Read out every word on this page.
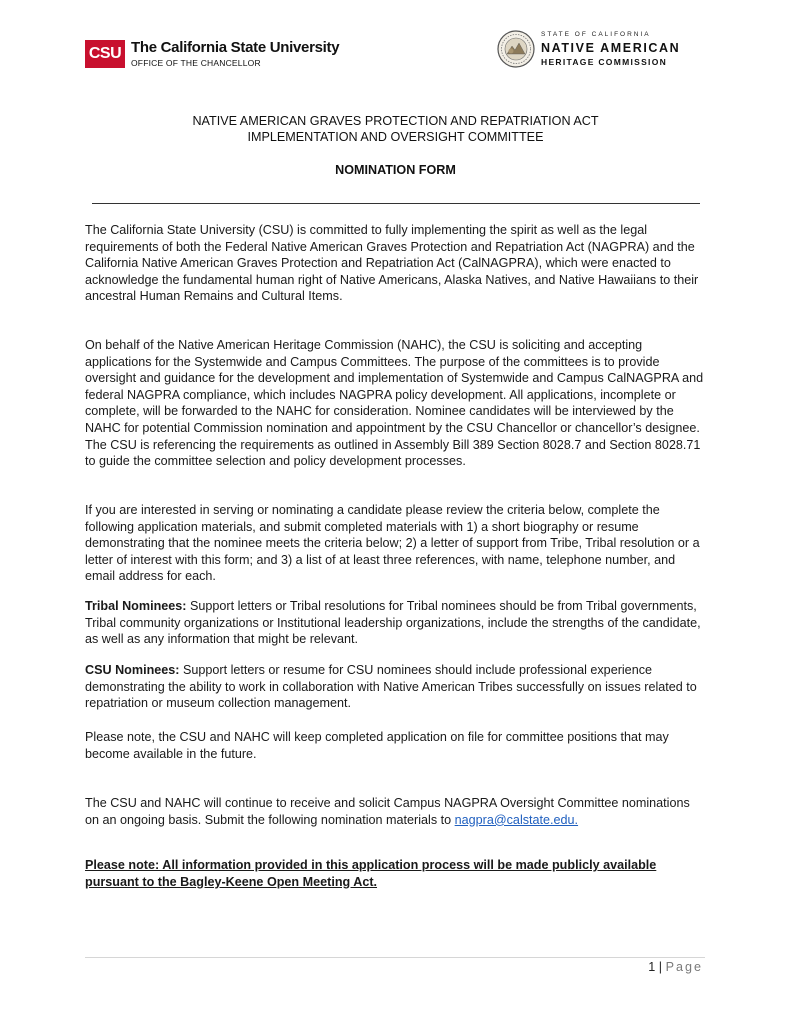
CSU The California State University
OFFICE OF THE CHANCELLOR
STATE OF CALIFORNIA
NATIVE AMERICAN
HERITAGE COMMISSION
NATIVE AMERICAN GRAVES PROTECTION AND REPATRIATION ACT
IMPLEMENTATION AND OVERSIGHT COMMITTEE
NOMINATION FORM

The California State University (CSU) is committed to fully implementing the spirit as well as the legal requirements of both the Federal Native American Graves Protection and Repatriation Act (NAGPRA) and the California Native American Graves Protection and Repatriation Act (CalNAGPRA), which were enacted to acknowledge the fundamental human right of Native Americans, Alaska Natives, and Native Hawaiians to their ancestral Human Remains and Cultural Items.

On behalf of the Native American Heritage Commission (NAHC), the CSU is soliciting and accepting applications for the Systemwide and Campus Committees. The purpose of the committees is to provide oversight and guidance for the development and implementation of Systemwide and Campus CalNAGPRA and federal NAGPRA compliance, which includes NAGPRA policy development. All applications, incomplete or complete, will be forwarded to the NAHC for consideration. Nominee candidates will be interviewed by the NAHC for potential Commission nomination and appointment by the CSU Chancellor or chancellor’s designee. The CSU is referencing the requirements as outlined in Assembly Bill 389 Section 8028.7 and Section 8028.71 to guide the committee selection and policy development processes.

If you are interested in serving or nominating a candidate please review the criteria below, complete the following application materials, and submit completed materials with 1) a short biography or resume demonstrating that the nominee meets the criteria below; 2) a letter of support from Tribe, Tribal resolution or a letter of interest with this form; and 3) a list of at least three references, with name, telephone number, and email address for each.

Tribal Nominees: Support letters or Tribal resolutions for Tribal nominees should be from Tribal governments, Tribal community organizations or Institutional leadership organizations, include the strengths of the candidate, as well as any information that might be relevant.

CSU Nominees: Support letters or resume for CSU nominees should include professional experience demonstrating the ability to work in collaboration with Native American Tribes successfully on issues related to repatriation or museum collection management.

Please note, the CSU and NAHC will keep completed application on file for committee positions that may become available in the future.

The CSU and NAHC will continue to receive and solicit Campus NAGPRA Oversight Committee nominations on an ongoing basis. Submit the following nomination materials to nagpra@calstate.edu.

Please note: All information provided in this application process will be made publicly available pursuant to the Bagley-Keene Open Meeting Act.

1 | Page
